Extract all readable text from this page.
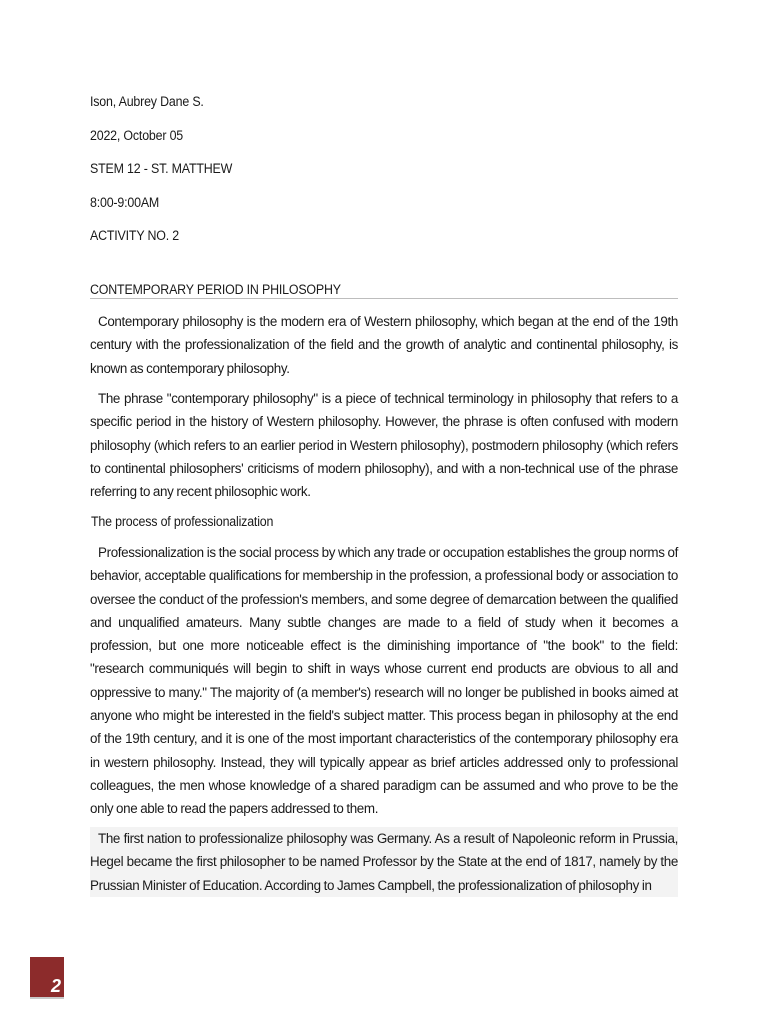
Ison, Aubrey Dane S.
2022, October 05
STEM 12 - ST. MATTHEW
8:00-9:00AM
ACTIVITY NO. 2
CONTEMPORARY PERIOD IN PHILOSOPHY
Contemporary philosophy is the modern era of Western philosophy, which began at the end of the 19th century with the professionalization of the field and the growth of analytic and continental philosophy, is known as contemporary philosophy.
The phrase "contemporary philosophy" is a piece of technical terminology in philosophy that refers to a specific period in the history of Western philosophy. However, the phrase is often confused with modern philosophy (which refers to an earlier period in Western philosophy), postmodern philosophy (which refers to continental philosophers' criticisms of modern philosophy), and with a non-technical use of the phrase referring to any recent philosophic work.
The process of professionalization
Professionalization is the social process by which any trade or occupation establishes the group norms of behavior, acceptable qualifications for membership in the profession, a professional body or association to oversee the conduct of the profession's members, and some degree of demarcation between the qualified and unqualified amateurs. Many subtle changes are made to a field of study when it becomes a profession, but one more noticeable effect is the diminishing importance of "the book" to the field: "research communiqués will begin to shift in ways whose current end products are obvious to all and oppressive to many." The majority of (a member's) research will no longer be published in books aimed at anyone who might be interested in the field's subject matter. This process began in philosophy at the end of the 19th century, and it is one of the most important characteristics of the contemporary philosophy era in western philosophy. Instead, they will typically appear as brief articles addressed only to professional colleagues, the men whose knowledge of a shared paradigm can be assumed and who prove to be the only one able to read the papers addressed to them.
The first nation to professionalize philosophy was Germany. As a result of Napoleonic reform in Prussia, Hegel became the first philosopher to be named Professor by the State at the end of 1817, namely by the Prussian Minister of Education. According to James Campbell, the professionalization of philosophy in
2
